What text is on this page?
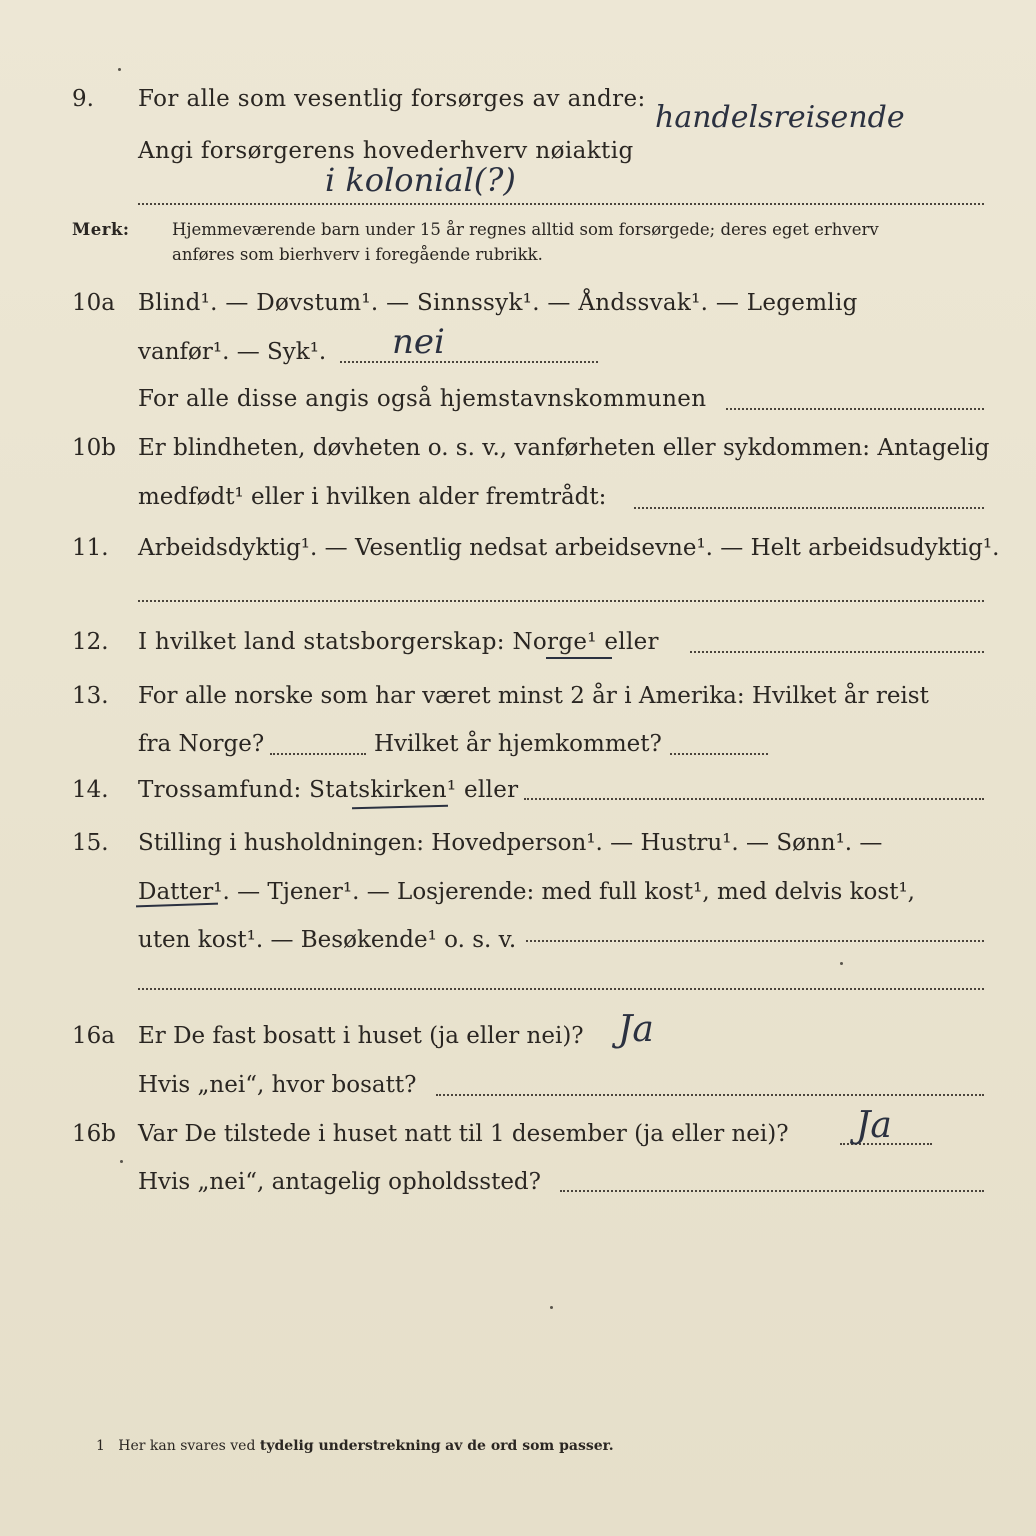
9. For alle som vesentlig forsørges av andre:
handelsreisende
Angi forsørgerens hovederhverv nøiaktig
i kolonial(?)
Merk:	Hjemmeværende barn under 15 år regnes alltid som forsørgede; deres eget erhverv
anføres som bierhverv i foregående rubrikk.
10a Blind¹. — Døvstum¹. — Sinnssyk¹. — Åndssvak¹. — Legemlig
vanfør¹. — Syk¹. nei
For alle disse angis også hjemstavnskommunen
10b Er blindheten, døvheten o. s. v., vanførheten eller sykdommen: Antagelig
medfødt¹ eller i hvilken alder fremtrådt:
11. Arbeidsdyktig¹. — Vesentlig nedsat arbeidsevne¹. — Helt arbeidsudyktig¹.
12. I hvilket land statsborgerskap: Norge¹ eller
13. For alle norske som har været minst 2 år i Amerika: Hvilket år reist
fra Norge?	Hvilket år hjemkommet?
14. Trossamfund: Statskirken¹ eller
15. Stilling i husholdningen: Hovedperson¹. — Hustru¹. — Sønn¹. —
Datter¹. — Tjener¹. — Losjerende: med full kost¹, med delvis kost¹,
uten kost¹. — Besøkende¹ o. s. v.
16a Er De fast bosatt i huset (ja eller nei)? Ja
Hvis „nei“, hvor bosatt?
16b Var De tilstede i huset natt til 1 desember (ja eller nei)? Ja
Hvis „nei“, antagelig opholdssted?
1 Her kan svares ved tydelig understrekning av de ord som passer.
